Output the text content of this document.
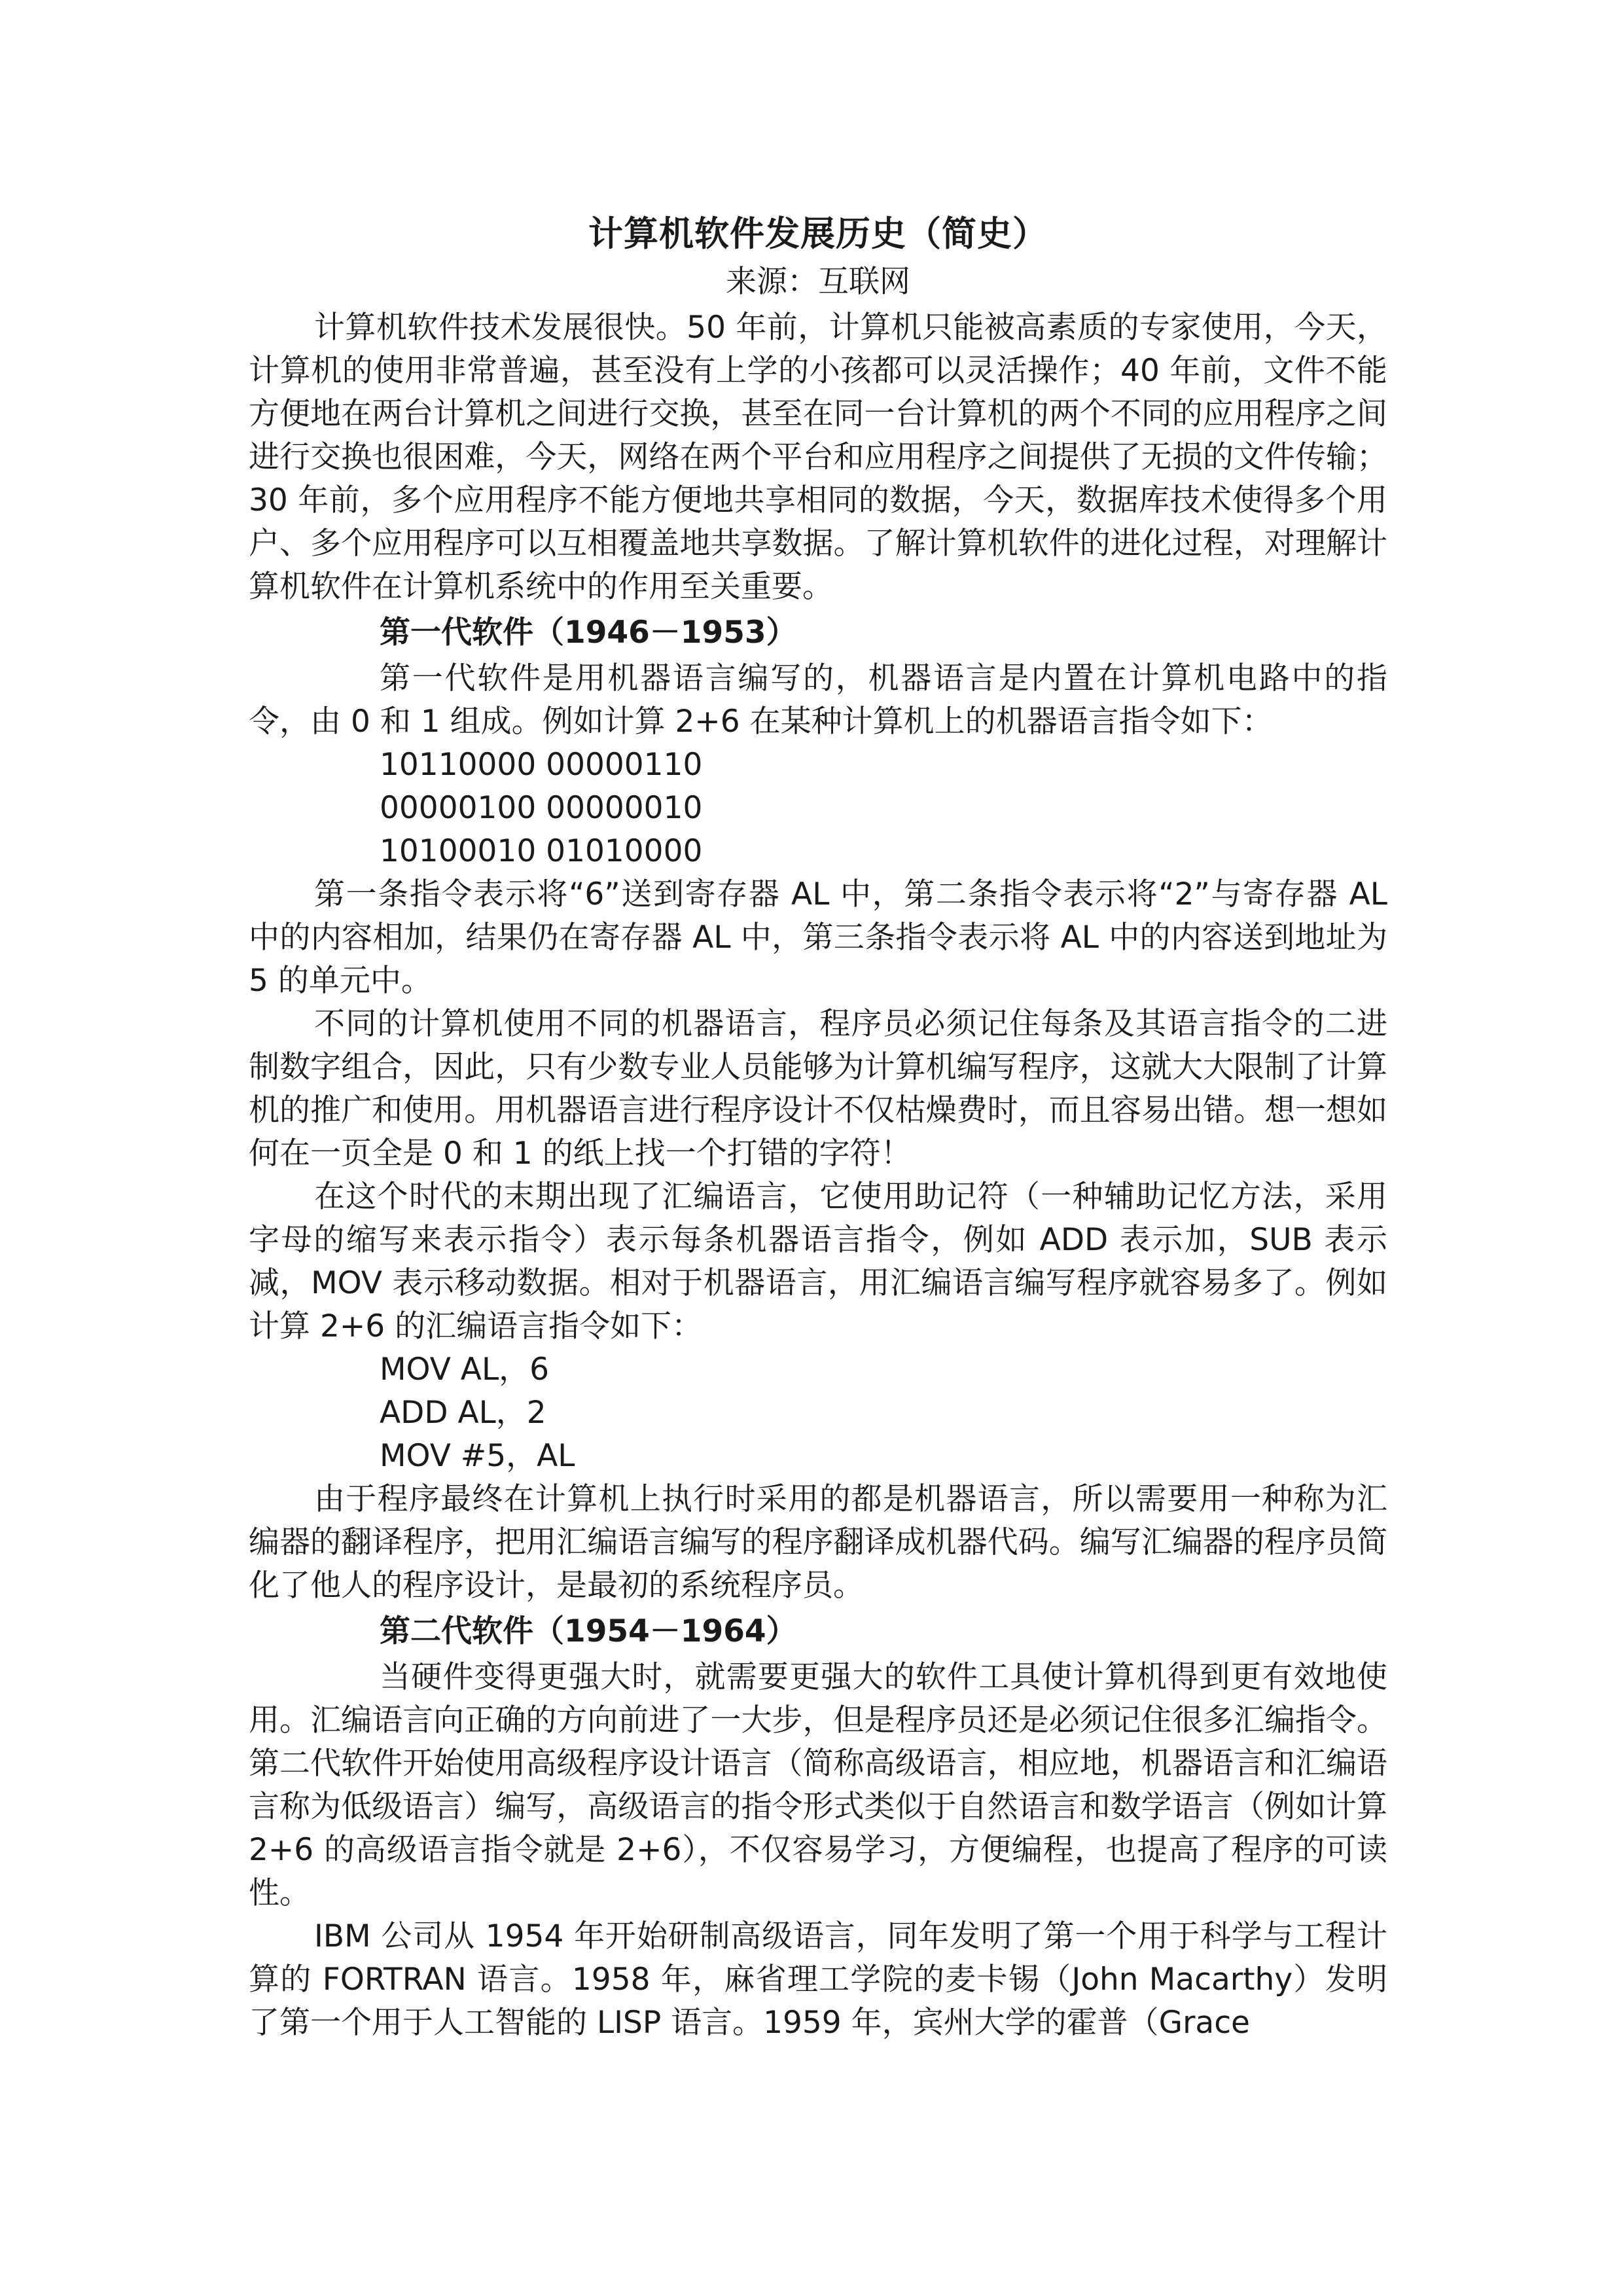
计算机软件发展历史（简史）

来源：互联网

计算机软件技术发展很快。50 年前，计算机只能被高素质的专家使用，今天，计算机的使用非常普遍，甚至没有上学的小孩都可以灵活操作；40 年前，文件不能方便地在两台计算机之间进行交换，甚至在同一台计算机的两个不同的应用程序之间进行交换也很困难，今天，网络在两个平台和应用程序之间提供了无损的文件传输；30 年前，多个应用程序不能方便地共享相同的数据，今天，数据库技术使得多个用户、多个应用程序可以互相覆盖地共享数据。了解计算机软件的进化过程，对理解计算机软件在计算机系统中的作用至关重要。

第一代软件（1946－1953）

第一代软件是用机器语言编写的，机器语言是内置在计算机电路中的指令，由 0 和 1 组成。例如计算 2+6 在某种计算机上的机器语言指令如下：

10110000 00000110
00000100 00000010
10100010 01010000

第一条指令表示将“6”送到寄存器 AL 中，第二条指令表示将“2”与寄存器 AL 中的内容相加，结果仍在寄存器 AL 中，第三条指令表示将 AL 中的内容送到地址为 5 的单元中。

不同的计算机使用不同的机器语言，程序员必须记住每条及其语言指令的二进制数字组合，因此，只有少数专业人员能够为计算机编写程序，这就大大限制了计算机的推广和使用。用机器语言进行程序设计不仅枯燥费时，而且容易出错。想一想如何在一页全是 0 和 1 的纸上找一个打错的字符！

在这个时代的末期出现了汇编语言，它使用助记符（一种辅助记忆方法，采用字母的缩写来表示指令）表示每条机器语言指令，例如 ADD 表示加，SUB 表示减，MOV 表示移动数据。相对于机器语言，用汇编语言编写程序就容易多了。例如计算 2+6 的汇编语言指令如下：

MOV AL，6
ADD AL，2
MOV #5，AL

由于程序最终在计算机上执行时采用的都是机器语言，所以需要用一种称为汇编器的翻译程序，把用汇编语言编写的程序翻译成机器代码。编写汇编器的程序员简化了他人的程序设计，是最初的系统程序员。

第二代软件（1954－1964）

当硬件变得更强大时，就需要更强大的软件工具使计算机得到更有效地使用。汇编语言向正确的方向前进了一大步，但是程序员还是必须记住很多汇编指令。第二代软件开始使用高级程序设计语言（简称高级语言，相应地，机器语言和汇编语言称为低级语言）编写，高级语言的指令形式类似于自然语言和数学语言（例如计算 2+6 的高级语言指令就是 2+6），不仅容易学习，方便编程，也提高了程序的可读性。

IBM 公司从 1954 年开始研制高级语言，同年发明了第一个用于科学与工程计算的 FORTRAN 语言。1958 年，麻省理工学院的麦卡锡（John Macarthy）发明了第一个用于人工智能的 LISP 语言。1959 年，宾州大学的霍普（Grace
